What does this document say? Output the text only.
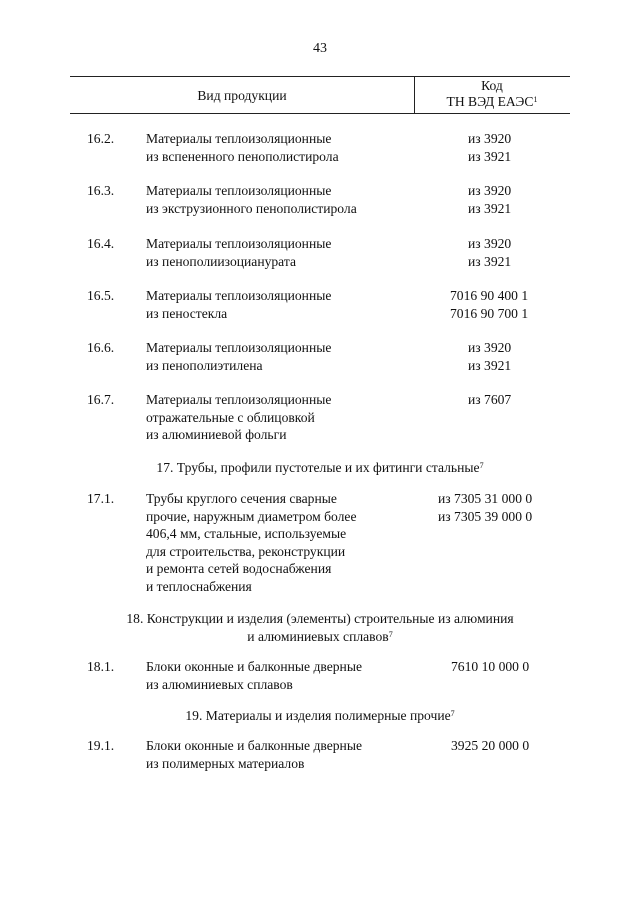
43
Вид продукции
Код
ТН ВЭД ЕАЭС$^1$
16.2. Материалы теплоизоляционные
из вспененного пенополистирола
из 3920
из 3921
16.3. Материалы теплоизоляционные
из экструзионного пенополистирола
из 3920
из 3921
16.4. Материалы теплоизоляционные
из пенополиизоцианурата
из 3920
из 3921
16.5. Материалы теплоизоляционные
из пеностекла
7016 90 400 1
7016 90 700 1
16.6. Материалы теплоизоляционные
из пенополиэтилена
из 3920
из 3921
16.7. Материалы теплоизоляционные
отражательные с облицовкой
из алюминиевой фольги
из 7607
17. Трубы, профили пустотелые и их фитинги стальные$^7$
17.1. Трубы круглого сечения сварные
прочие, наружным диаметром более
406,4 мм, стальные, используемые
для строительства, реконструкции
и ремонта сетей водоснабжения
и теплоснабжения
из 7305 31 000 0
из 7305 39 000 0
18. Конструкции и изделия (элементы) строительные из алюминия
и алюминиевых сплавов$^7$
18.1. Блоки оконные и балконные дверные
из алюминиевых сплавов
7610 10 000 0
19. Материалы и изделия полимерные прочие$^7$
19.1. Блоки оконные и балконные дверные
из полимерных материалов
3925 20 000 0
